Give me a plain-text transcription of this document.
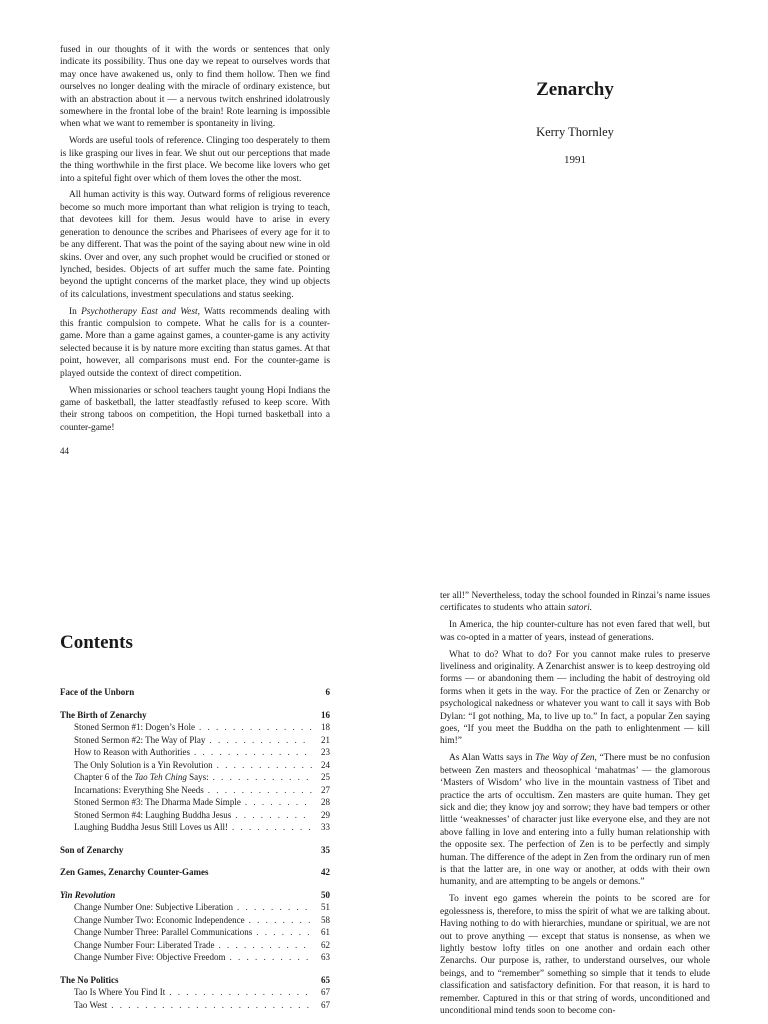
fused in our thoughts of it with the words or sentences that only indicate its possibility. Thus one day we repeat to ourselves words that may once have awakened us, only to find them hollow. Then we find ourselves no longer dealing with the miracle of ordinary existence, but with an abstraction about it — a nervous twitch enshrined idolatrously somewhere in the frontal lobe of the brain! Rote learning is impossible when what we want to remember is spontaneity in living.

Words are useful tools of reference. Clinging too desperately to them is like grasping our lives in fear. We shut out our perceptions that made the thing worthwhile in the first place. We become like lovers who get into a spiteful fight over which of them loves the other the most.

All human activity is this way. Outward forms of religious reverence become so much more important than what religion is trying to teach, that devotees kill for them. Jesus would have to arise in every generation to denounce the scribes and Pharisees of every age for it to be any different. That was the point of the saying about new wine in old skins. Over and over, any such prophet would be crucified or stoned or lynched, besides. Objects of art suffer much the same fate. Pointing beyond the uptight concerns of the market place, they wind up objects of its calculations, investment speculations and status seeking.

In Psychotherapy East and West, Watts recommends dealing with this frantic compulsion to compete. What he calls for is a counter-game. More than a game against games, a counter-game is any activity selected because it is by nature more exciting than status games. At that point, however, all comparisons must end. For the counter-game is played outside the context of direct competition.

When missionaries or school teachers taught young Hopi Indians the game of basketball, the latter steadfastly refused to keep score. With their strong taboos on competition, the Hopi turned basketball into a counter-game!

44
Zenarchy
Kerry Thornley
1991
Contents
Face of the Unborn	6
The Birth of Zenarchy	16
Stoned Sermon #1: Dogen’s Hole . . .	18
Stoned Sermon #2: The Way of Play . . .	21
How to Reason with Authorities . . .	23
The Only Solution is a Yin Revolution . . .	24
Chapter 6 of the Tao Teh Ching Says: . . .	25
Incarnations: Everything She Needs . . .	27
Stoned Sermon #3: The Dharma Made Simple . . .	28
Stoned Sermon #4: Laughing Buddha Jesus . . .	29
Laughing Buddha Jesus Still Loves us All! . . .	33
Son of Zenarchy	35
Zen Games, Zenarchy Counter-Games	42
Yin Revolution	50
Change Number One: Subjective Liberation . . .	51
Change Number Two: Economic Independence . . .	58
Change Number Three: Parallel Communications . . .	61
Change Number Four: Liberated Trade . . .	62
Change Number Five: Objective Freedom . . .	63
The No Politics	65
Tao Is Where You Find It . . .	67
Tao West . . .	67

ter all!” Nevertheless, today the school founded in Rinzai’s name issues certificates to students who attain satori.

In America, the hip counter-culture has not even fared that well, but was co-opted in a matter of years, instead of generations.

What to do? What to do? For you cannot make rules to preserve liveliness and originality. A Zenarchist answer is to keep destroying old forms — or abandoning them — including the habit of destroying old forms when it gets in the way. For the practice of Zen or Zenarchy or psychological nakedness or whatever you want to call it says with Bob Dylan: “I got nothing, Ma, to live up to.” In fact, a popular Zen saying goes, “If you meet the Buddha on the path to enlightenment — kill him!”

As Alan Watts says in The Way of Zen, “There must be no confusion between Zen masters and theosophical ‘mahatmas’ — the glamorous ‘Masters of Wisdom’ who live in the mountain vastness of Tibet and practice the arts of occultism. Zen masters are quite human. They get sick and die; they know joy and sorrow; they have bad tempers or other little ‘weaknesses’ of character just like everyone else, and they are not above falling in love and entering into a fully human relationship with the opposite sex. The perfection of Zen is to be perfectly and simply human. The difference of the adept in Zen from the ordinary run of men is that the latter are, in one way or another, at odds with their own humanity, and are attempting to be angels or demons.”

To invent ego games wherein the points to be scored are for egolessness is, therefore, to miss the spirit of what we are talking about. Having nothing to do with hierarchies, mundane or spiritual, we are not out to prove anything — except that status is nonsense, as when we lightly bestow lofty titles on one another and ordain each other Zenarchs. Our purpose is, rather, to understand ourselves, our whole beings, and to “remember” something so simple that it tends to elude classification and satisfactory definition. For that reason, it is hard to remember. Captured in this or that string of words, unconditioned and unconditional mind tends soon to become con-
